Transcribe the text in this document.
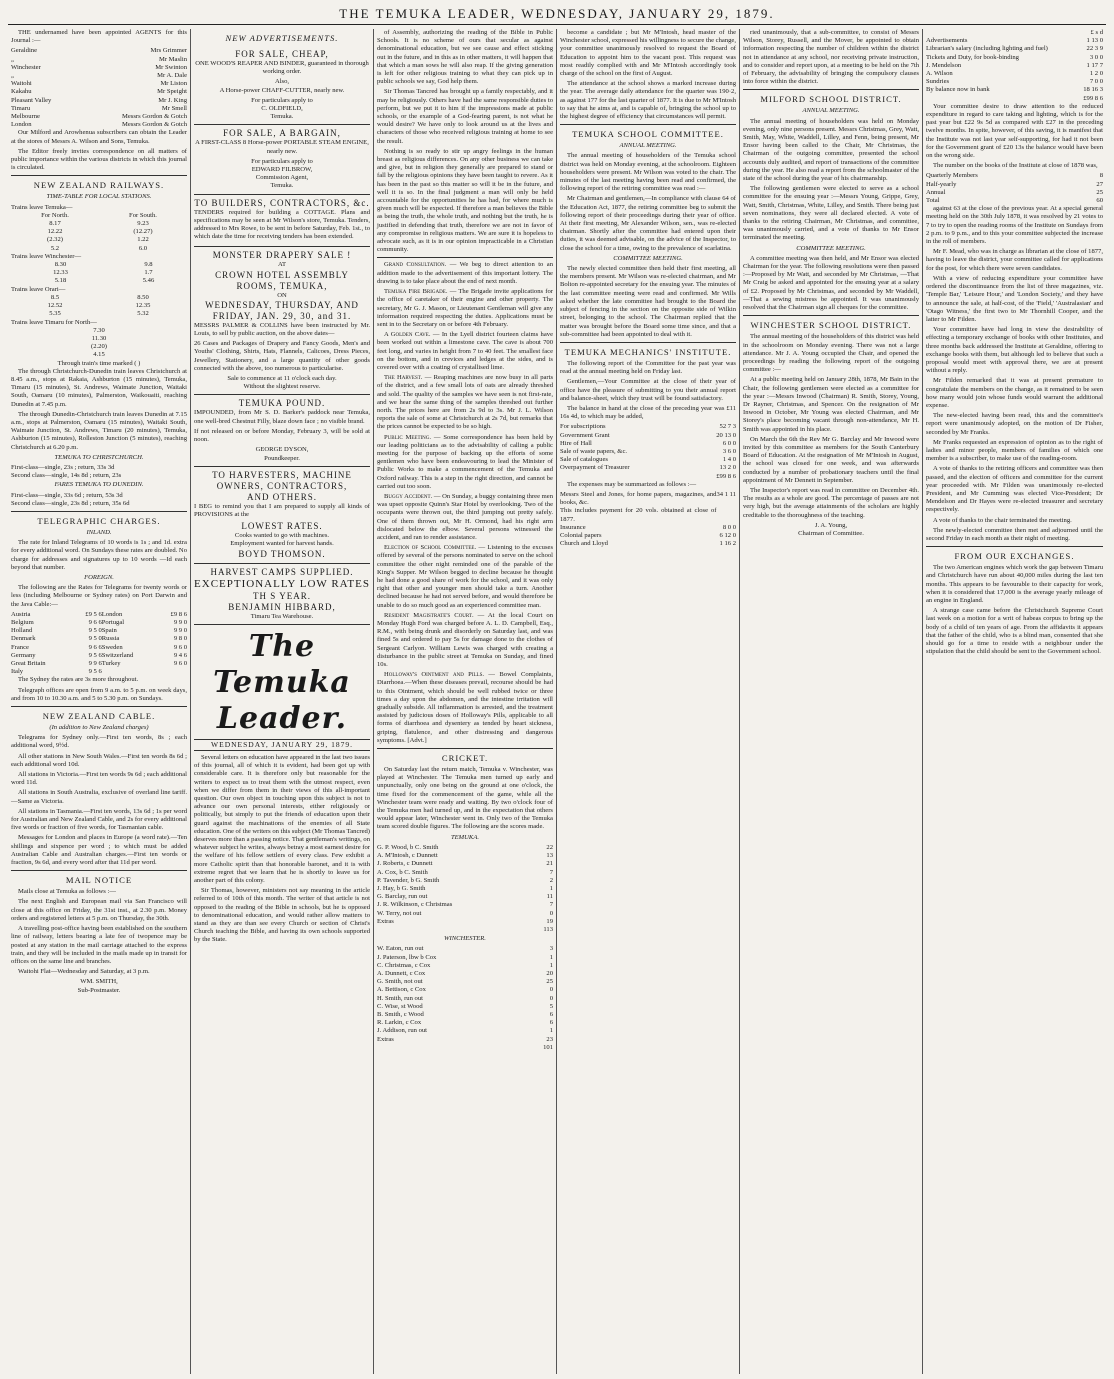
THE TEMUKA LEADER, WEDNESDAY, JANUARY 29, 1879.

THE undernamed have been appointed AGENTS for this Journal :—

Geraldine	Mrs Grimmer
„	Mr Maslin
Winchester	Mr Swinton
„	Mr A. Dale
Waitohi	Mr Liston
Kakahu	Mr Speight
Pleasant Valley	Mr J. King
Timaru	Mr Smell
Melbourne	Messrs Gordon & Gotch
London	Messrs Gordon & Gotch

Our Milford and Arowhenua subscribers can obtain the Leader at the stores of Messrs A. Wilson and Sons, Temuka.

The Editor freely invites correspondence on all matters of public importance within the various districts in which this journal is circulated.

NEW ZEALAND RAILWAYS.
TIME-TABLE FOR LOCAL STATIONS.
Trains leave Temuka—
For North.	For South.
8.17	9.23
12.22	(12.27)
(2.32)	1.22
5.2	6.0
Trains leave Winchester—
8.30	9.8
12.33	1.7
5.18	5.46
Trains leave Orari—
8.5	8.50
12.52	12.35
5.35	5.32
Trains leave Timaru for North—
7.30
11.30
(2.20)
4.15
Through train's time marked ( )

The through Christchurch-Dunedin train leaves Christchurch at 8.45 a.m., stops at Rakaia, Ashburton (15 minutes), Temuka, Timaru (15 minutes), St. Andrews, Waimate Junction, Waitaki South, Oamaru (10 minutes), Palmerston, Waikouaiti, reaching Dunedin at 7.45 p.m.

The through Dunedin-Christchurch train leaves Dunedin at 7.15 a.m., stops at Palmerston, Oamaru (15 minutes), Waitaki South, Waimate Junction, St. Andrews, Timaru (20 minutes), Temuka, Ashburton (15 minutes), Rolleston Junction (5 minutes), reaching Christchurch at 6.20 p.m.

TEMUKA TO CHRISTCHURCH.
First-class—single, 23s ; return, 33s 3d
Second class—single, 14s 8d ; return, 23s
FARES TEMUKA TO DUNEDIN.
First-class—single, 33s 6d ; return, 53s 3d
Second class—single, 23s 8d ; return, 35s 6d
TELEGRAPHIC CHARGES.
INLAND.

The rate for Inland Telegrams of 10 words is 1s ; and 1d. extra for every additional word. On Sundays these rates are doubled. No charge for addresses and signatures up to 10 words —Id each beyond that number.

FOREIGN.

The following are the Rates for Telegrams for twenty words or less (including Melbourne or Sydney rates) on Port Darwin and the Java Cable:—

Austria	£9 5 6	London	£9 8 6
Belgium	9 6 6	Portugal	9 9 0
Holland	9 5 0	Spain	9 9 0
Denmark	9 5 0	Russia	9 8 0
France	9 6 6	Sweden	9 6 0
Germany	9 5 6	Switzerland	9 4 6
Great Britain	9 9 6	Turkey	9 6 0
Italy	9 5 6		

The Sydney the rates are 3s more throughout.

Telegraph offices are open from 9 a.m. to 5 p.m. on week days, and from 10 to 10.30 a.m. and 5 to 5.30 p.m. on Sundays.

NEW ZEALAND CABLE.
(In addition to New Zealand charges)

Telegrams for Sydney only.—First ten words, 8s ; each additional word, 9½d.

All other stations in New South Wales.—First ten words 8s 6d ; each additional word 10d.

All stations in Victoria.—First ten words 9s 6d ; each additional word 11d.

All stations in South Australia, exclusive of overland line tariff.—Same as Victoria.

All stations in Tasmania.—First ten words, 13s 6d ; 1s per word for Australian and New Zealand Cable, and 2s for every additional five words or fraction of five words, for Tasmanian cable.

Messages for London and places in Europe (a word rate).—Ten shillings and sixpence per word ; to which must be added Australian Cable and Australian charges.—First ten words or fraction, 9s 6d, and every word after that 11d per word.

MAIL NOTICE

Mails close at Temuka as follows :—

The next English and European mail via San Francisco will close at this office on Friday, the 31st inst., at 2.30 p.m. Money orders and registered letters at 5 p.m. on Thursday, the 30th.

A travelling post-office having been established on the southern line of railway, letters bearing a late fee of twopence may be posted at any station in the mail carriage attached to the express train, and they will be included in the mails made up in transit for offices on the same line and branches.

Waitohi Flat—Wednesday and Saturday, at 3 p.m.

WM. SMITH,
Sub-Postmaster.
NEW ADVERTISEMENTS.
FOR SALE, CHEAP,

ONE WOOD'S REAPER AND BINDER, guaranteed in thorough working order.

Also,

A Horse-power CHAFF-CUTTER, nearly new.

For particulars apply to
C. OLDFIELD,
Temuka.
FOR SALE, A BARGAIN,

A FIRST-CLASS 8 Horse-power PORTABLE STEAM ENGINE, nearly new.

For particulars apply to
EDWARD FILBROW,
Commission Agent,
Temuka.
TO BUILDERS, CONTRACTORS, &c.

TENDERS required for building a COTTAGE. Plans and specifications may be seen at Mr Wilson's store, Temuka. Tenders, addressed to Mrs Rowe, to be sent in before Saturday, Feb. 1st., to which date the time for receiving tenders has been extended.

MONSTER DRAPERY SALE !
AT
CROWN HOTEL ASSEMBLY ROOMS, TEMUKA,
ON
WEDNESDAY, THURSDAY, AND FRIDAY, JAN. 29, 30, and 31.

MESSRS PALMER & COLLINS have been instructed by Mr. Louis, to sell by public auction, on the above dates—

26 Cases and Packages of Drapery and Fancy Goods, Men's and Youths' Clothing, Shirts, Hats, Flannels, Calicoes, Dress Pieces, Jewellery, Stationery, and a large quantity of other goods connected with the above, too numerous to particularise.

Sale to commence at 11 o'clock each day.
Without the slightest reserve.
TEMUKA POUND.

IMPOUNDED, from Mr S. D. Barker's paddock near Temuka, one well-bred Chestnut Filly, blaze down face ; no visible brand.

If not released on or before Monday, February 3, will be sold at noon.

GEORGE DYSON,
Poundkeeper.
TO HARVESTERS, MACHINE
OWNERS, CONTRACTORS,
AND OTHERS.

I BEG to remind you that I am prepared to supply all kinds of PROVISIONS at the

LOWEST RATES.
Cooks wanted to go with machines.
Employment wanted for harvest hands.
BOYD THOMSON.
HARVEST CAMPS SUPPLIED.
EXCEPTIONALLY LOW RATES
TH S YEAR.
BENJAMIN HIBBARD,
Timaru Tea Warehouse.
The Temuka Leader.
WEDNESDAY, JANUARY 29, 1879.

Several letters on education have appeared in the last two issues of this journal, all of which it is evident, had been got up with considerable care. It is therefore only but reasonable for the writers to expect us to treat them with the utmost respect, even when we differ from them in their views of this all-important question. Our own object in touching upon this subject is not to advance our own personal interests, either religiously or politically, but simply to put the friends of education upon their guard against the machinations of the enemies of all State education. One of the writers on this subject (Mr Thomas Tancred) deserves more than a passing notice. That gentleman's writings, on whatever subject he writes, always betray a most earnest desire for the welfare of his fellow settlers of every class. Few exhibit a more Catholic spirit than that honorable baronet, and it is with extreme regret that we learn that he is shortly to leave us for another part of this colony.

Sir Thomas, however, ministers not say meaning in the article referred to of 10th of this month. The writer of that article is not opposed to the reading of the Bible in schools, but he is opposed to denominational education, and would rather allow matters to stand as they are than see every Church or section of Christ's Church teaching the Bible, and having its own schools supported by the State.

of Assembly, authorizing the reading of the Bible in Public Schools. It is no scheme of ours that secular as against denominational education, but we see cause and effect sticking out in the future, and in this as in other matters, it will happen that that which a man sows he will also reap. If the giving generation is left for other religious training to what they can pick up in public schools we say, God help them.

Sir Thomas Tancred has brought up a family respectably, and it may be religiously. Others have had the same responsible duties to perform, but we put it to him if the impressions made at public schools, or the example of a God-fearing parent, is not what he would desire? We have only to look around us at the lives and characters of those who received religious training at home to see the result.

Nothing is so ready to stir up angry feelings in the human breast as religious differences. On any other business we can take and give, but in religion they generally are prepared to stand or fall by the religious opinions they have been taught to revere. As it has been in the past so this matter so will it be in the future, and well it is so. In the final judgment a man will only be held accountable for the opportunities he has had, for where much is given much will be expected. If therefore a man believes the Bible as being the truth, the whole truth, and nothing but the truth, he is justified in defending that truth, therefore we are not in favor of any compromise in religious matters. We are sure it is hopeless to advocate such, as it is in our opinion impracticable in a Christian community.

Grand Consultation. — We beg to direct attention to an addition made to the advertisement of this important lottery. The drawing is to take place about the end of next month.

Temuka Fire Brigade. — The Brigade invite applications for the office of caretaker of their engine and other property. The secretary, Mr G. J. Mason, or Lieutenant Gentleman will give any information required respecting the duties. Applications must be sent in to the Secretary on or before 4th February.

A Golden Cave. — In the Lyell district fourteen claims have been worked out within a limestone cave. The cave is about 700 feet long, and varies in height from 7 to 40 feet. The smallest face on the bottom, and in crevices and ledges at the sides, and is covered over with a coating of crystallised lime.

The Harvest. — Reaping machines are now busy in all parts of the district, and a few small lots of oats are already threshed and sold. The quality of the samples we have seen is not first-rate, and we hear the same thing of the samples threshed out further north. The prices here are from 2s 9d to 3s. Mr J. L. Wilson reports the sale of some at Christchurch at 2s 7d, but remarks that the prices cannot be expected to be so high.

Public Meeting. — Some correspondence has been held by our leading politicians as to the advisability of calling a public meeting for the purpose of backing up the efforts of some gentlemen who have been endeavouring to lead the Minister of Public Works to make a commencement of the Temuka and Oxford railway. This is a step in the right direction, and cannot be carried out too soon.

Buggy Accident. — On Sunday, a buggy containing three men was upset opposite Quinn's Star Hotel by overlooking. Two of the occupants were thrown out, the third jumping out pretty safely. One of them thrown out, Mr H. Ormond, had his right arm dislocated below the elbow. Several persons witnessed the accident, and ran to render assistance.

Election of School Committee. — Listening to the excuses offered by several of the persons nominated to serve on the school committee the other night reminded one of the parable of the King's Supper. Mr Wilson begged to decline because he thought he had done a good share of work for the school, and it was only right that other and younger men should take a turn. Another declined because he had not served before, and would therefore be unable to do so much good as an experienced committee man.

Resident Magistrate's Court. — At the local Court on Monday Hugh Ford was charged before A. L. D. Campbell, Esq., R.M., with being drunk and disorderly on Saturday last, and was fined 5s and ordered to pay 5s for damage done to the clothes of Sergeant Carlyon. William Lewis was charged with creating a disturbance in the public street at Temuka on Sunday, and fined 10s.

Holloway's Ointment and Pills. — Bowel Complaints, Diarrhoea.—When these diseases prevail, recourse should be had to this Ointment, which should be well rubbed twice or three times a day upon the abdomen, and the intestine irritation will gradually subside. All inflammation is arrested, and the treatment assisted by judicious doses of Holloway's Pills, applicable to all forms of diarrhoea and dysentery as tended by heart sickness, griping, flatulence, and other distressing and dangerous symptoms. [Advt.]

CRICKET.

On Saturday last the return match, Temuka v. Winchester, was played at Winchester. The Temuka men turned up early and unpunctually, only one being on the ground at one o'clock, the time fixed for the commencement of the game, while all the Winchester team were ready and waiting. By two o'clock four of the Temuka men had turned up, and in the expectation that others would appear later, Winchester went in. Only two of the Temuka team scored double figures. The following are the scores made.

TEMUKA.
G. P. Wood, b C. Smith	22
A. M'Intosh, c Dunnett	13
J. Roberts, c Dunnett	21
A. Cox, b C. Smith	7
P. Tavender, b G. Smith	2
J. Hay, b G. Smith	1
G. Barclay, run out	11
J. R. Wilkinson, c Christmas	7
W. Terry, not out	0
Extras	19
	113
WINCHESTER.
W. Eaton, run out	3
J. Paterson, lbw b Cox	1
C. Christmas, c Cox	1
A. Dunnett, c Cox	20
G. Smith, not out	25
A. Bettison, c Cox	0
H. Smith, run out	0
C. Wise, st Wood	5
B. Smith, c Wood	6
R. Larkin, c Cox	6
J. Addison, run out	1
Extras	23
	101

become a candidate ; but Mr M'Intosh, head master of the Winchester school, expressed his willingness to secure the change, your committee unanimously resolved to request the Board of Education to appoint him to the vacant post. This request was most readily complied with and Mr M'Intosh accordingly took charge of the school on the first of August.

The attendance at the school shows a marked increase during the year. The average daily attendance for the quarter was 190·2, as against 177 for the last quarter of 1877. It is due to Mr M'Intosh to say that he aims at, and is capable of, bringing the school up to the highest degree of efficiency that circumstances will permit.

TEMUKA SCHOOL COMMITTEE.
ANNUAL MEETING.

The annual meeting of householders of the Temuka school district was held on Monday evening, at the schoolroom. Eighteen householders were present. Mr Wilson was voted to the chair. The minutes of the last meeting having been read and confirmed, the following report of the retiring committee was read :—

Mr Chairman and gentlemen,—In compliance with clause 64 of the Education Act, 1877, the retiring committee beg to submit the following report of their proceedings during their year of office. At their first meeting, Mr Alexander Wilson, sen., was re-elected chairman. Shortly after the committee had entered upon their duties, it was deemed advisable, on the advice of the Inspector, to close the school for a time, owing to the prevalence of scarlatina.

COMMITTEE MEETING.

The newly elected committee then held their first meeting, all the members present. Mr Wilson was re-elected chairman, and Mr Bolton re-appointed secretary for the ensuing year. The minutes of the last committee meeting were read and confirmed. Mr Wills asked whether the late committee had brought to the Board the subject of fencing in the section on the opposite side of Wilkin street, belonging to the school. The Chairman replied that the matter was brought before the Board some time since, and that a sub-committee had been appointed to deal with it.

TEMUKA MECHANICS' INSTITUTE.

The following report of the Committee for the past year was read at the annual meeting held on Friday last.

Gentlemen,—Your Committee at the close of their year of office have the pleasure of submitting to you their annual report and balance-sheet, which they trust will be found satisfactory.

The balance in hand at the close of the preceding year was £11 16s 4d, to which may be added,

For subscriptions	52 7 3
Government Grant	20 13 0
Hire of Hall	6 0 0
Sale of waste papers, &c.	3 6 0
Sale of catalogues	1 4 0
Overpayment of Treasurer	13 2 0
	£99 8 6

The expenses may be summarized as follows :—

Messrs Steel and Jones, for home papers, magazines, and books, &c.	34 1 11
This includes payment for 20 vols. obtained at close of 1877.	
Insurance	8 0 0
Colonial papers	6 12 0
Church and Lloyd	1 16 2

ried unanimously, that a sub-committee, to consist of Messrs Wilson, Storey, Russell, and the Mover, be appointed to obtain information respecting the number of children within the district not in attendance at any school, nor receiving private instruction, and to consider and report upon, at a meeting to be held on the 7th of February, the advisability of bringing the compulsory clauses into force within the district.

MILFORD SCHOOL DISTRICT.
ANNUAL MEETING.

The annual meeting of householders was held on Monday evening, only nine persons present. Messrs Christmas, Grey, Watt, Smith, May, White, Waddell, Lilley, and Fenn, being present, Mr Ensor having been called to the Chair, Mr Christmas, the Chairman of the outgoing committee, presented the school accounts duly audited, and report of transactions of the committee during the year. He also read a report from the schoolmaster of the state of the school during the year of his chairmanship.

The following gentlemen were elected to serve as a school committee for the ensuing year :—Messrs Young, Grippe, Grey, Watt, Smith, Christmas, White, Lilley, and Smith. There being just seven nominations, they were all declared elected. A vote of thanks to the retiring Chairman, Mr Christmas, and committee, was unanimously carried, and a vote of thanks to Mr Ensor terminated the meeting.

COMMITTEE MEETING.

A committee meeting was then held, and Mr Ensor was elected Chairman for the year. The following resolutions were then passed :—Proposed by Mr Watt, and seconded by Mr Christmas, —That Mr Craig be asked and appointed for the ensuing year at a salary of £2. Proposed by Mr Christmas, and seconded by Mr Waddell,—That a sewing mistress be appointed. It was unanimously resolved that the Chairman sign all cheques for the committee.

WINCHESTER SCHOOL DISTRICT.

The annual meeting of the householders of this district was held in the schoolroom on Monday evening. There was not a large attendance. Mr J. A. Young occupied the Chair, and opened the proceedings by reading the following report of the outgoing committee :—

At a public meeting held on January 28th, 1878, Mr Bain in the Chair, the following gentlemen were elected as a committee for the year :—Messrs Inwood (Chairman) R. Smith, Storey, Young, Dr Rayner, Christmas, and Spencer. On the resignation of Mr Inwood in October, Mr Young was elected Chairman, and Mr Storey's place becoming vacant through non-attendance, Mr H. Smith was appointed in his place.

On March the 6th the Rev Mr G. Barclay and Mr Inwood were invited by this committee as members for the South Canterbury Board of Education. At the resignation of Mr M'Intosh in August, the school was closed for one week, and was afterwards conducted by a number of probationary teachers until the final appointment of Mr Dennett in September.

The Inspector's report was read in committee on December 4th. The results as a whole are good. The percentage of passes are not very high, but the average attainments of the scholars are highly creditable to the thoroughness of the teaching.

J. A. Young,
Chairman of Committee.
£ s d
Advertisements	1 13 0
Librarian's salary (including lighting and fuel)	22 3 9
Tickets and Duty, for book-binding	3 0 0
J. Mendelson	1 17 7
A. Wilson	1 2 0
Sundries	7 0 0
By balance now in bank	18 16 3
	£99 8 6

Your committee desire to draw attention to the reduced expenditure in regard to care taking and lighting, which is for the past year but £22 9s 5d as compared with £27 in the preceding twelve months. In spite, however, of this saving, it is manifest that the Institute was not last year self-supporting, for had it not been for the Government grant of £20 13s the balance would have been on the wrong side.

The number on the books of the Institute at close of 1878 was,

Quarterly Members	8
Half-yearly	27
Annual	25
Total	60

against 63 at the close of the previous year. At a special general meeting held on the 30th July 1878, it was resolved by 21 votes to 7 to try to open the reading rooms of the Institute on Sundays from 2 p.m. to 9 p.m., and to this your committee subjected the increase in the roll of members.

Mr F. Mead, who was in charge as librarian at the close of 1877, having to leave the district, your committee called for applications for the post, for which there were seven candidates.

With a view of reducing expenditure your committee have ordered the discontinuance from the list of three magazines, viz. 'Temple Bar,' 'Leisure Hour,' and 'London Society,' and they have to announce the sale, at half-cost, of the 'Field,' 'Australasian' and 'Otago Witness,' the first two to Mr Thornhill Cooper, and the latter to Mr Filden.

Your committee have had long in view the desirability of effecting a temporary exchange of books with other Institutes, and three months back addressed the Institute at Geraldine, offering to exchange books with them, but although led to believe that such a proposal would meet with approval there, we are at present without a reply.

Mr Filden remarked that it was at present premature to congratulate the members on the change, as it remained to be seen how many would join whose funds would warrant the additional expense.

The new-elected having been read, this and the committee's report were unanimously adopted, on the motion of Dr Fisher, seconded by Mr Franks.

Mr Franks requested an expression of opinion as to the right of ladies and minor people, members of families of which one member is a subscriber, to make use of the reading-room.

A vote of thanks to the retiring officers and committee was then passed, and the election of officers and committee for the current year proceeded with. Mr Filden was unanimously re-elected President, and Mr Cumming was elected Vice-President; Dr Mendelson and Dr Hayes were re-elected treasurer and secretary respectively.

A vote of thanks to the chair terminated the meeting.

The newly-elected committee then met and adjourned until the second Friday in each month as their night of meeting.

FROM OUR EXCHANGES.

The two American engines which work the gap between Timaru and Christchurch have run about 40,000 miles during the last ten months. This appears to be favourable to their capacity for work, when it is considered that 17,000 is the average yearly mileage of an engine in England.

A strange case came before the Christchurch Supreme Court last week on a motion for a writ of habeas corpus to bring up the body of a child of ten years of age. From the affidavits it appears that the father of the child, who is a blind man, consented that she should go for a time to reside with a neighbour under the stipulation that the child should be sent to the Government school.
